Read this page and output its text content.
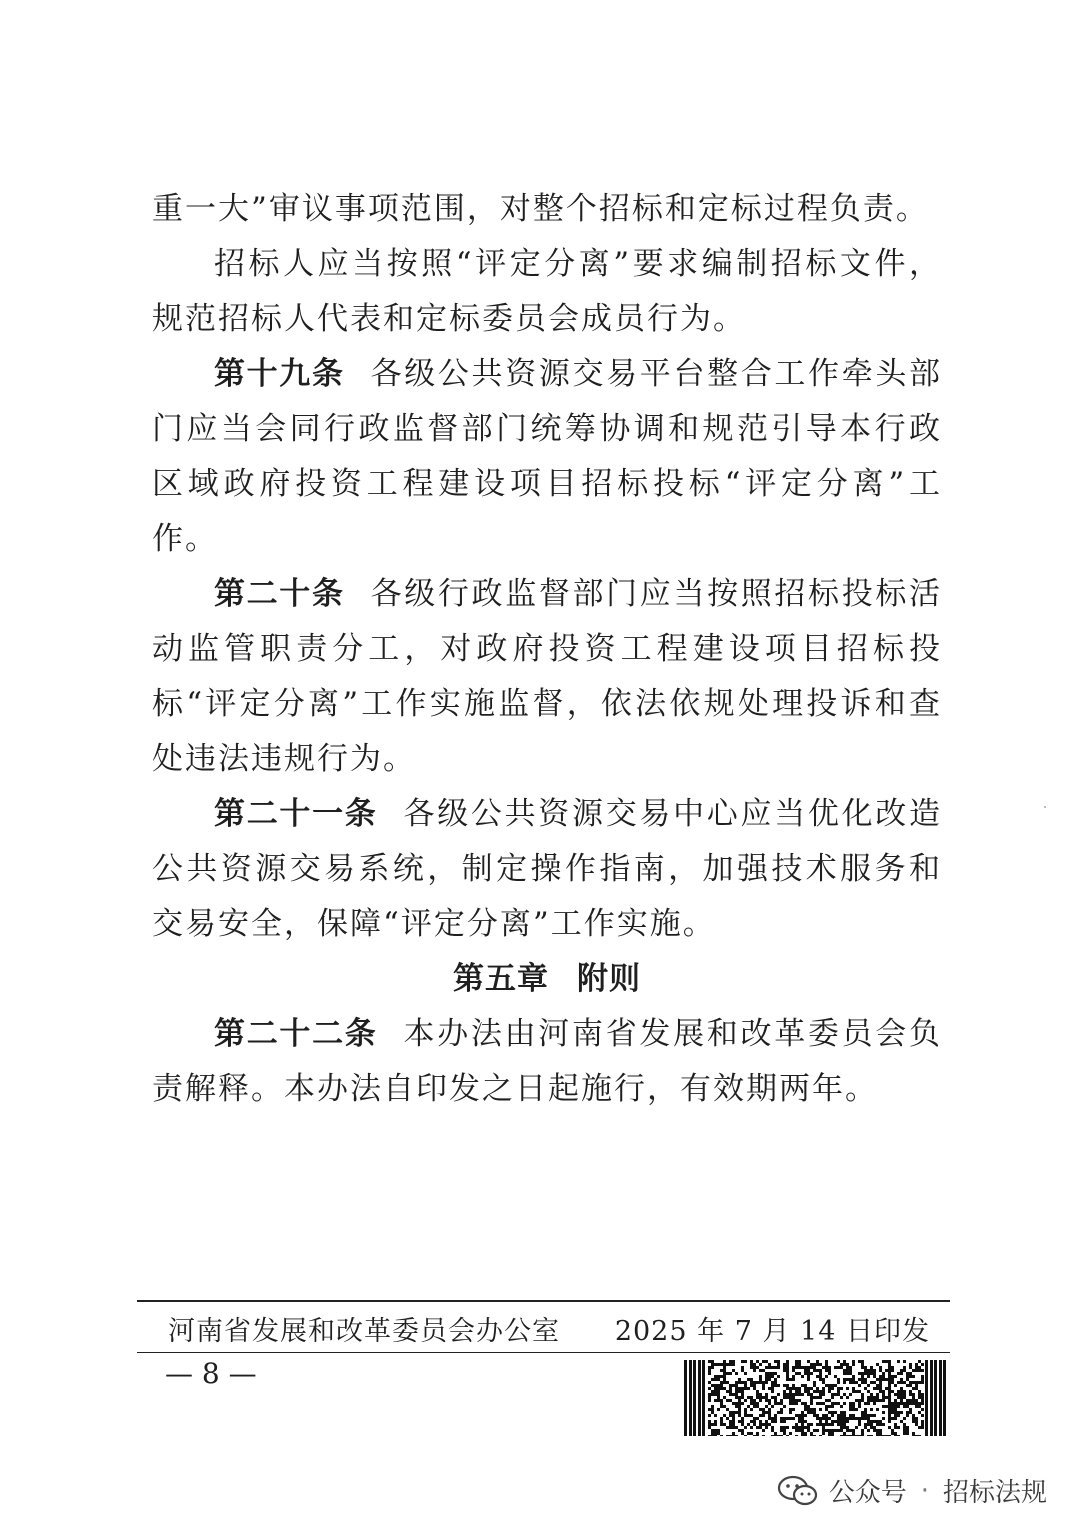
重一大”审议事项范围，对整个招标和定标过程负责。

招标人应当按照“评定分离”要求编制招标文件，规范招标人代表和定标委员会成员行为。

第十九条 各级公共资源交易平台整合工作牵头部门应当会同行政监督部门统筹协调和规范引导本行政区域政府投资工程建设项目招标投标“评定分离”工作。

第二十条 各级行政监督部门应当按照招标投标活动监管职责分工，对政府投资工程建设项目招标投标“评定分离”工作实施监督，依法依规处理投诉和查处违法违规行为。

第二十一条 各级公共资源交易中心应当优化改造公共资源交易系统，制定操作指南，加强技术服务和交易安全，保障“评定分离”工作实施。

第五章 附则

第二十二条 本办法由河南省发展和改革委员会负责解释。本办法自印发之日起施行，有效期两年。

河南省发展和改革委员会办公室 2025 年 7 月 14 日印发
— 8 —
公众号 · 招标法规
